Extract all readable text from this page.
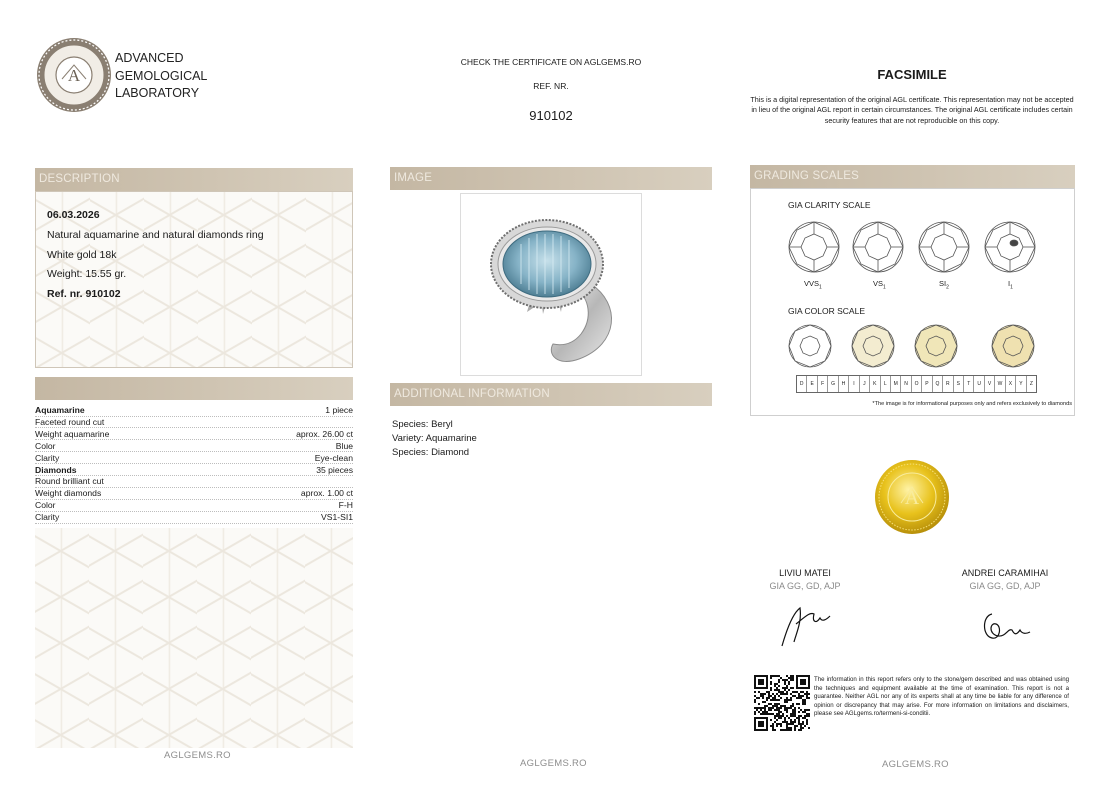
A
ADVANCED
GEMOLOGICAL
LABORATORY
CHECK THE CERTIFICATE ON AGLGEMS.RO
REF. NR.
910102
FACSIMILE
This is a digital representation of the original AGL certificate. This representation may not be accepted in lieu of the original AGL report in certain circumstances. The original AGL certificate includes certain security features that are not reproducible on this copy.
DESCRIPTION
06.03.2026
Natural aquamarine and natural diamonds ring
White gold 18k
Weight: 15.55 gr.
Ref. nr. 910102
Aquamarine	1 piece
Faceted round cut
Weight aquamarine	aprox. 26.00 ct
Color	Blue
Clarity	Eye-clean
Diamonds	35 pieces
Round brilliant cut
Weight diamonds	aprox. 1.00 ct
Color	F-H
Clarity	VS1-SI1
AGLGEMS.RO
IMAGE
ADDITIONAL INFORMATION
Species: Beryl
Variety: Aquamarine
Species: Diamond
AGLGEMS.RO
GRADING SCALES
GIA CLARITY SCALE
$VVS_1$	$VS_1$	$SI_2$	$I_1$
GIA COLOR SCALE
D	E	F	G	H	I	J	K	L	M	N	O	P	Q	R	S	T	U	V	W	X	Y	Z
*The image is for informational purposes only and refers exclusively to diamonds
A
LIVIU MATEI
GIA GG, GD, AJP
ANDREI CARAMIHAI
GIA GG, GD, AJP
The information in this report refers only to the stone/gem described and was obtained using the techniques and equipment available at the time of examination. This report is not a guarantee. Neither AGL nor any of its experts shall at any time be liable for any difference of opinion or discrepancy that may arise. For more information on limitations and disclaimers, please see AGLgems.ro/termeni-si-conditii.
AGLGEMS.RO
